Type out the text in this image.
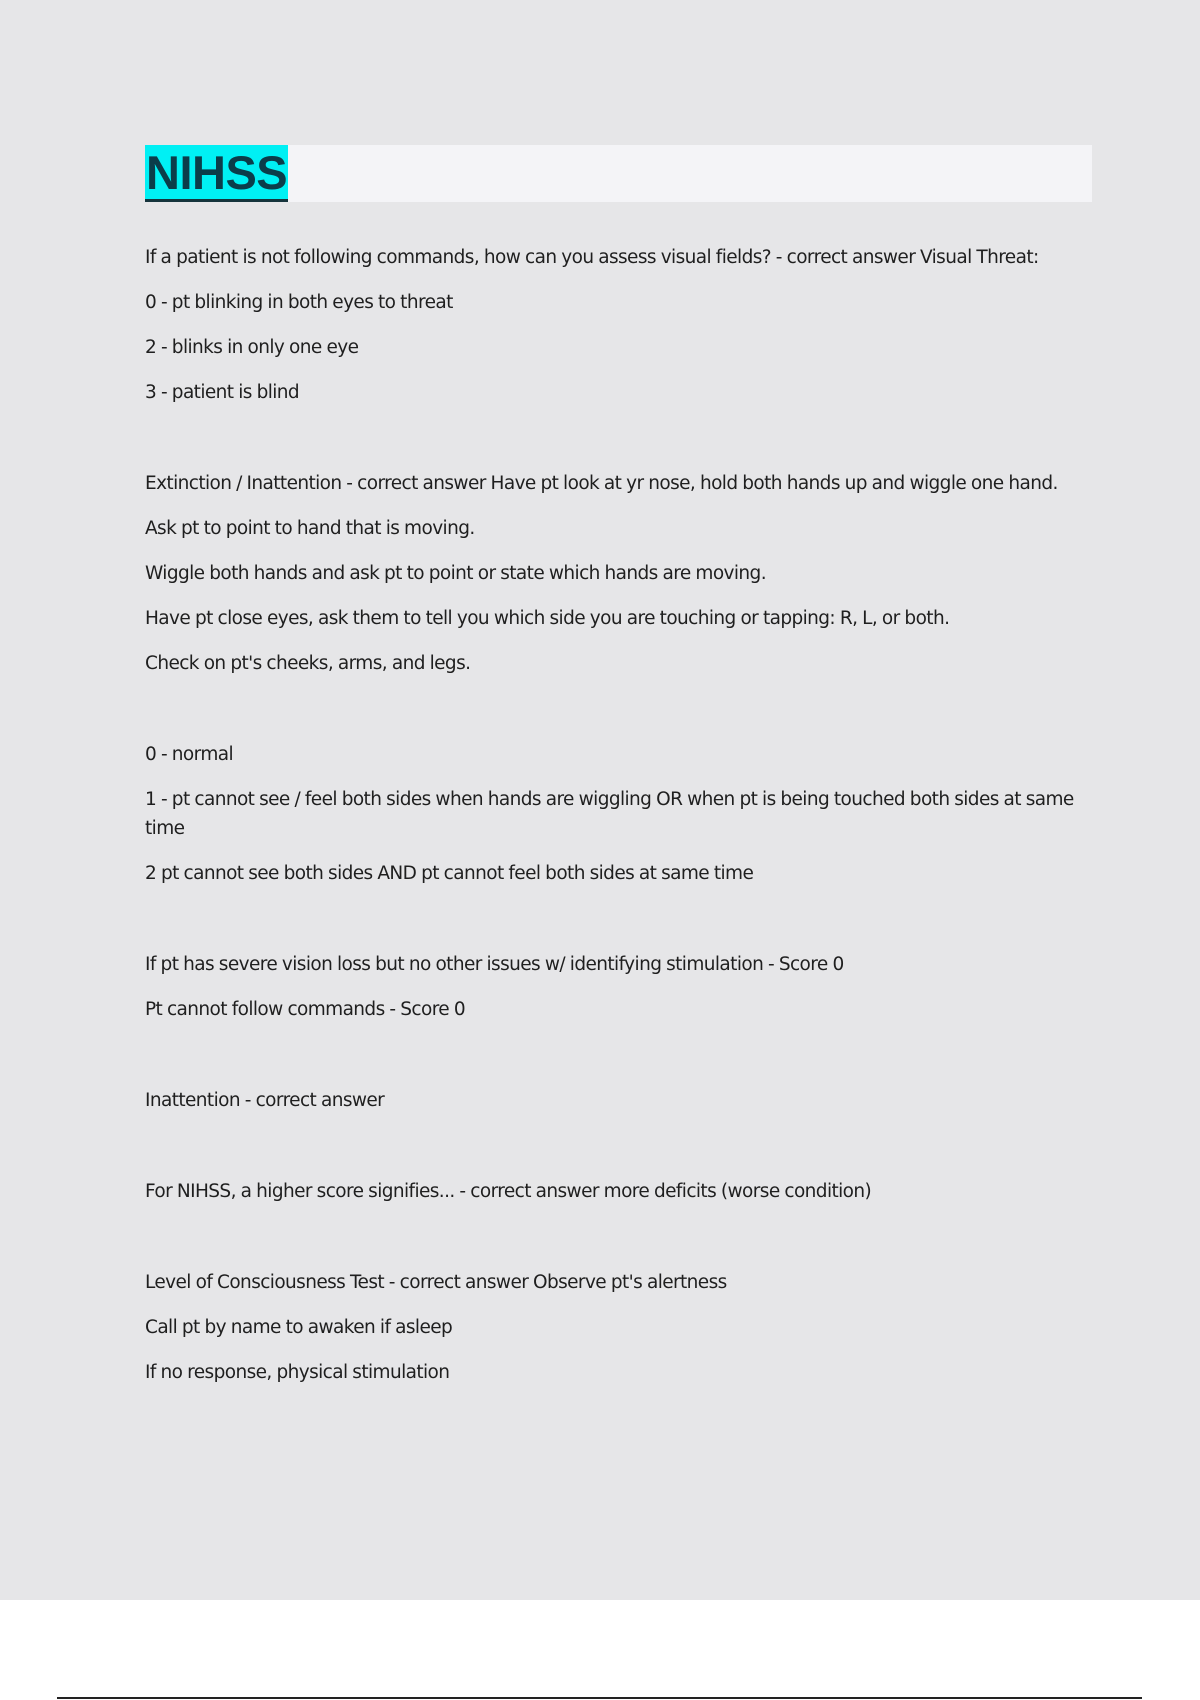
NIHSS

If a patient is not following commands, how can you assess visual fields? - correct answer Visual Threat:

0 - pt blinking in both eyes to threat

2 - blinks in only one eye

3 - patient is blind

Extinction / Inattention - correct answer Have pt look at yr nose, hold both hands up and wiggle one hand.

Ask pt to point to hand that is moving.

Wiggle both hands and ask pt to point or state which hands are moving.

Have pt close eyes, ask them to tell you which side you are touching or tapping: R, L, or both.

Check on pt's cheeks, arms, and legs.

0 - normal

1 - pt cannot see / feel both sides when hands are wiggling OR when pt is being touched both sides at same time

2 pt cannot see both sides AND pt cannot feel both sides at same time

If pt has severe vision loss but no other issues w/ identifying stimulation - Score 0

Pt cannot follow commands - Score 0

Inattention - correct answer

For NIHSS, a higher score signifies... - correct answer more deficits (worse condition)

Level of Consciousness Test - correct answer Observe pt's alertness

Call pt by name to awaken if asleep

If no response, physical stimulation
